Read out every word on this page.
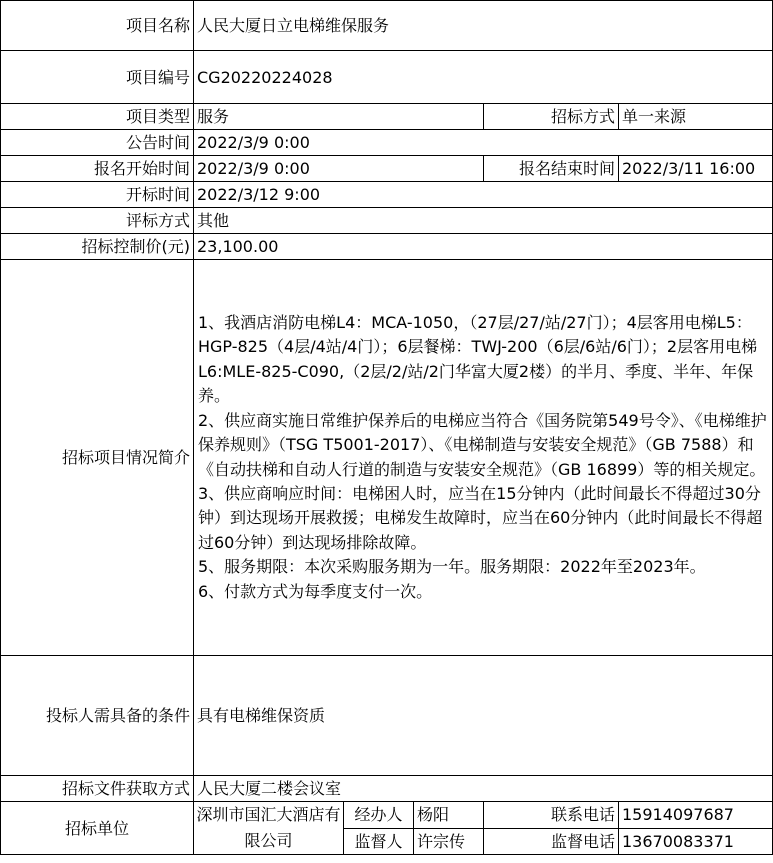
项目名称	人民大厦日立电梯维保服务				
项目编号	CG20220224028				
项目类型	服务			招标方式	单一来源
公告时间	2022/3/9 0:00				
报名开始时间	2022/3/9 0:00			报名结束时间	2022/3/11 16:00
开标时间	2022/3/12 9:00				
评标方式	其他				
招标控制价(元)	23,100.00				
招标项目情况简介	1、我酒店消防电梯L4：MCA-1050，（27层/27/站/27门）；4层客用电梯L5：HGP-825（4层/4站/4门）；6层餐梯：TWJ-200（6层/6站/6门）；2层客用电梯L6:MLE-825-C090,（2层/2/站/2门华富大厦2楼）的半月、季度、半年、年保养。

2、供应商实施日常维护保养后的电梯应当符合《国务院第549号令》、《电梯维护保养规则》（TSG T5001-2017）、《电梯制造与安装安全规范》（GB 7588）和《自动扶梯和自动人行道的制造与安装安全规范》（GB 16899）等的相关规定。

3、供应商响应时间：电梯困人时，应当在15分钟内（此时间最长不得超过30分钟）到达现场开展救援；电梯发生故障时，应当在60分钟内（此时间最长不得超过60分钟）到达现场排除故障。

5、服务期限：本次采购服务期为一年。服务期限：2022年至2023年。

6、付款方式为每季度支付一次。				

投标人需具备的条件	具有电梯维保资质				
招标文件获取方式	人民大厦二楼会议室				
招标单位	深圳市国汇大酒店有限公司	经办人	杨阳	联系电话	15914097687
		监督人	许宗传	监督电话	13670083371
